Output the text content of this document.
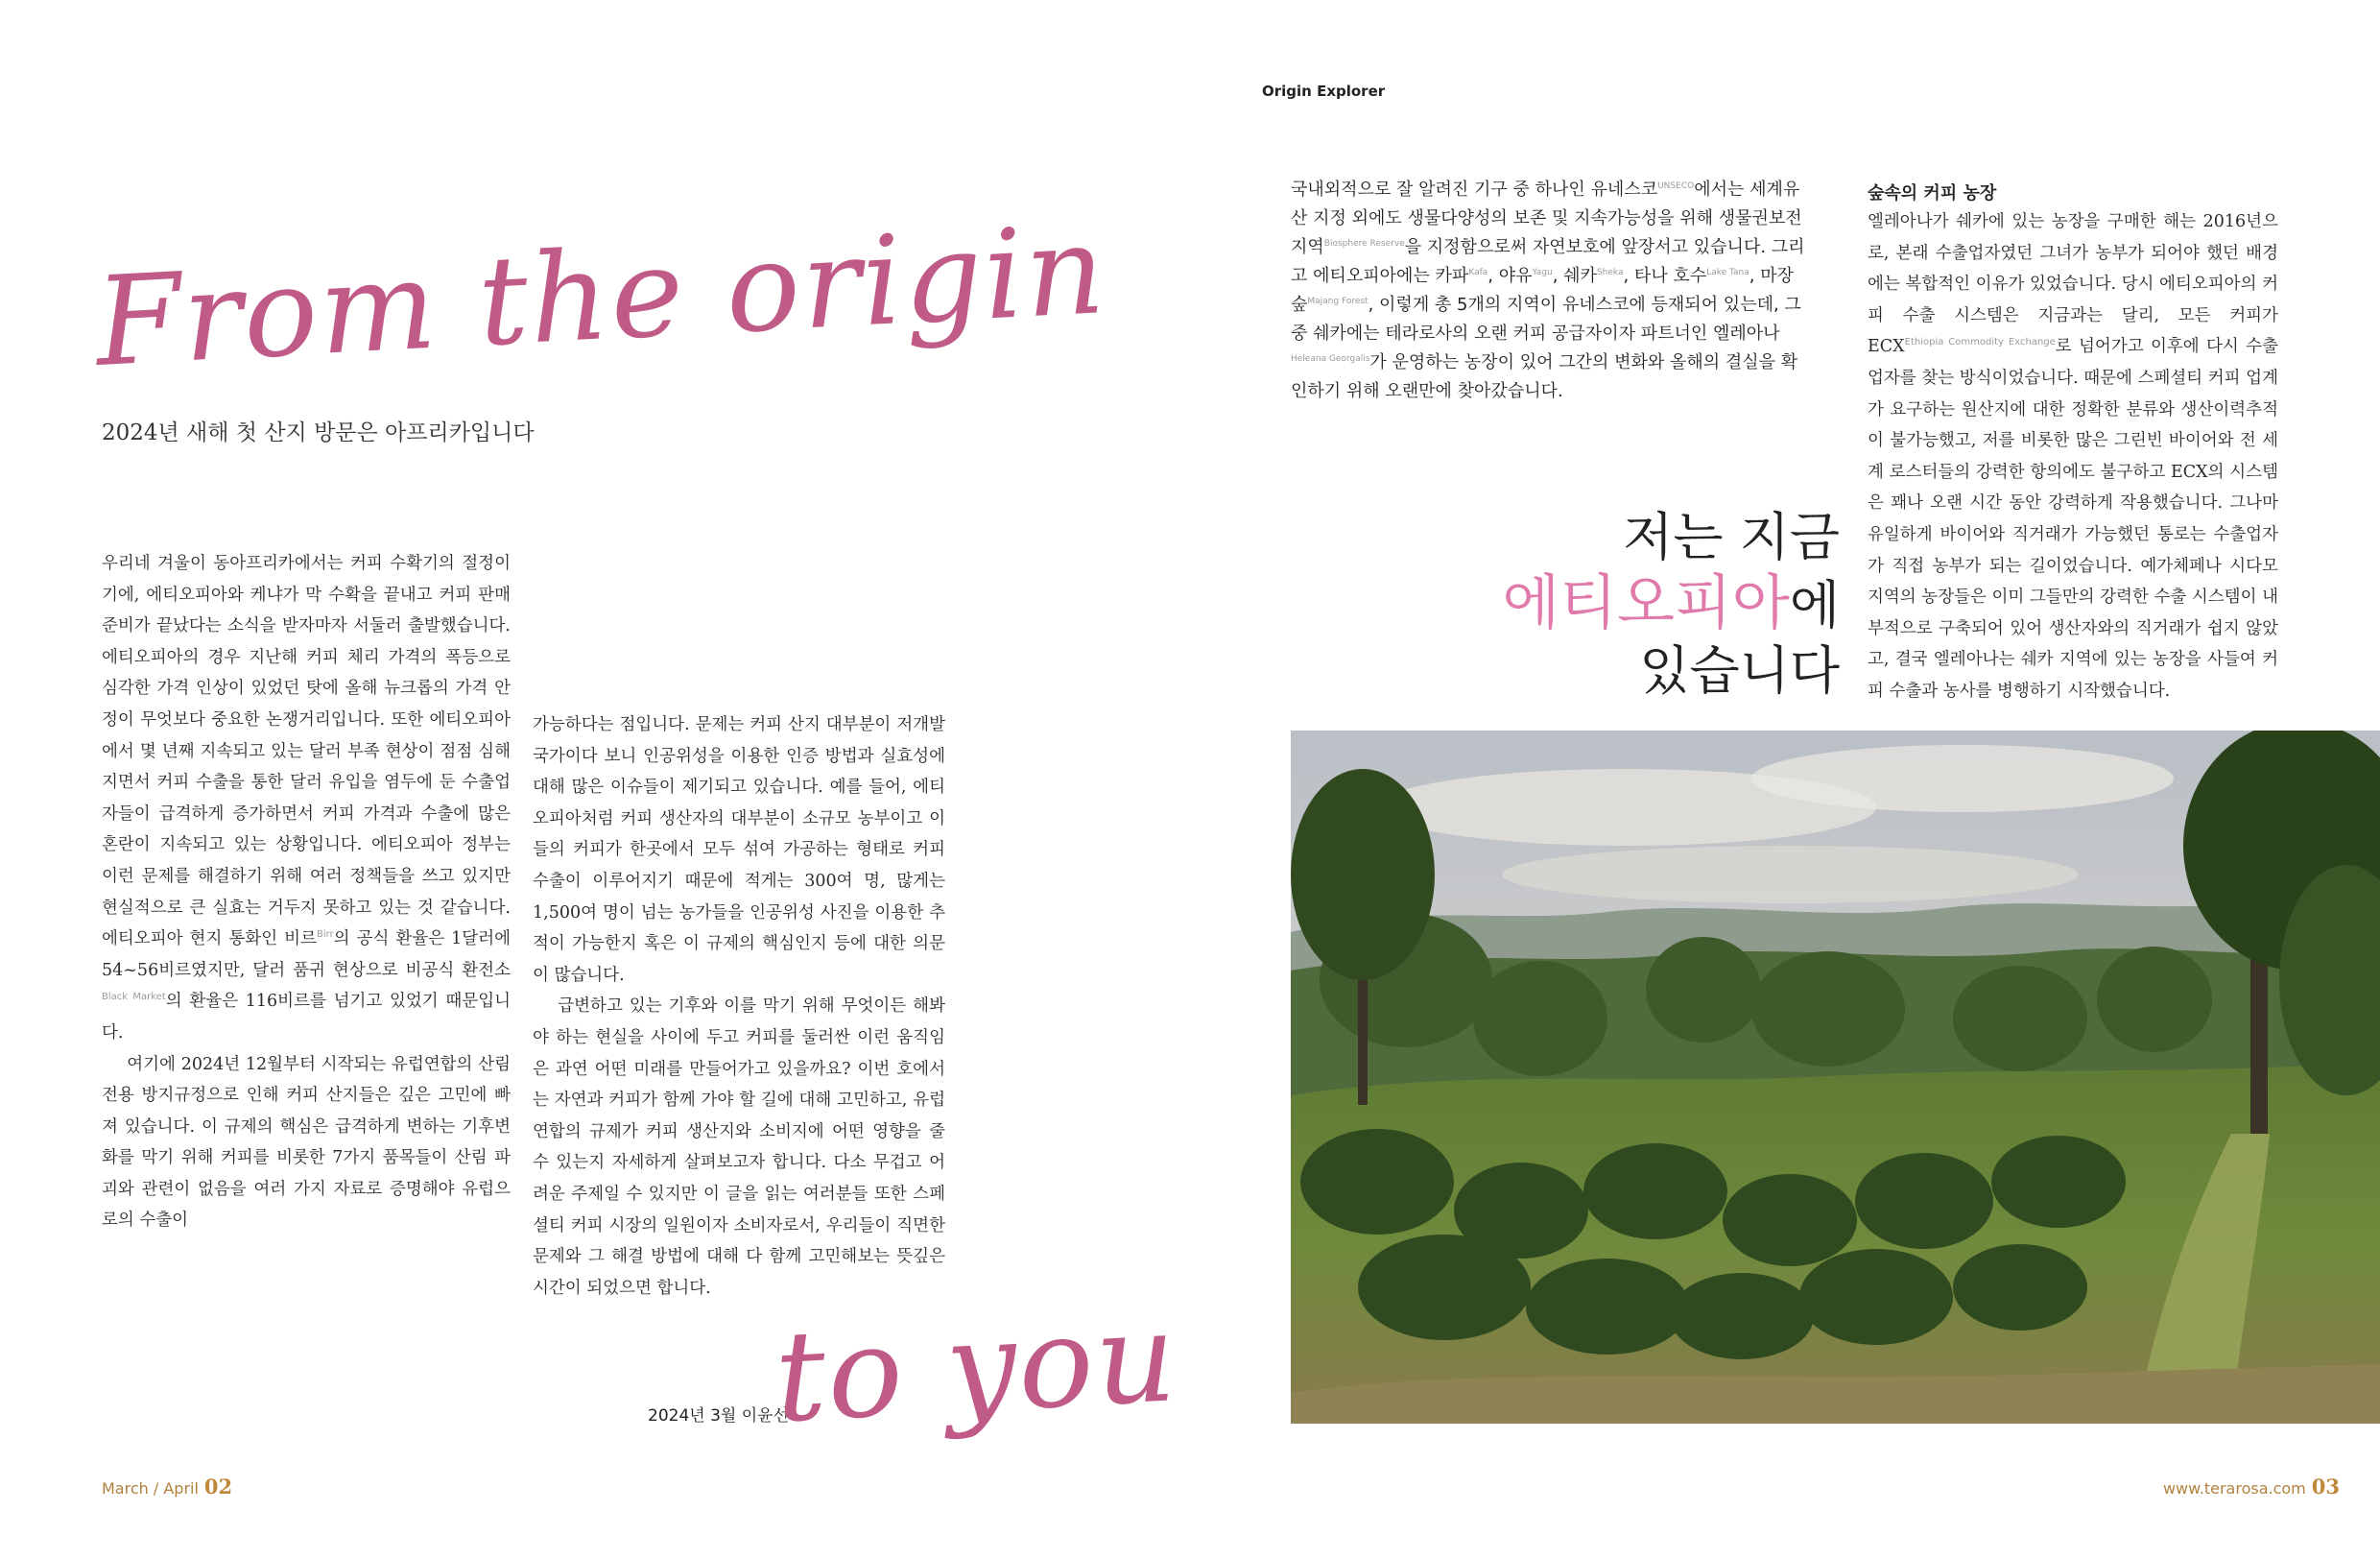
From the origin
2024년 새해 첫 산지 방문은 아프리카입니다

우리네 겨울이 동아프리카에서는 커피 수확기의 절정이기에, 에티오피아와 케냐가 막 수확을 끝내고 커피 판매 준비가 끝났다는 소식을 받자마자 서둘러 출발했습니다. 에티오피아의 경우 지난해 커피 체리 가격의 폭등으로 심각한 가격 인상이 있었던 탓에 올해 뉴크롭의 가격 안정이 무엇보다 중요한 논쟁거리입니다. 또한 에티오피아에서 몇 년째 지속되고 있는 달러 부족 현상이 점점 심해지면서 커피 수출을 통한 달러 유입을 염두에 둔 수출업자들이 급격하게 증가하면서 커피 가격과 수출에 많은 혼란이 지속되고 있는 상황입니다. 에티오피아 정부는 이런 문제를 해결하기 위해 여러 정책들을 쓰고 있지만 현실적으로 큰 실효는 거두지 못하고 있는 것 같습니다. 에티오피아 현지 통화인 비르$^{Birr}$의 공식 환율은 1달러에 54~56비르였지만, 달러 품귀 현상으로 비공식 환전소$^{Black Market}$의 환율은 116비르를 넘기고 있었기 때문입니다.

여기에 2024년 12월부터 시작되는 유럽연합의 산림전용 방지규정으로 인해 커피 산지들은 깊은 고민에 빠져 있습니다. 이 규제의 핵심은 급격하게 변하는 기후변화를 막기 위해 커피를 비롯한 7가지 품목들이 산림 파괴와 관련이 없음을 여러 가지 자료로 증명해야 유럽으로의 수출이

가능하다는 점입니다. 문제는 커피 산지 대부분이 저개발국가이다 보니 인공위성을 이용한 인증 방법과 실효성에 대해 많은 이슈들이 제기되고 있습니다. 예를 들어, 에티오피아처럼 커피 생산자의 대부분이 소규모 농부이고 이들의 커피가 한곳에서 모두 섞여 가공하는 형태로 커피 수출이 이루어지기 때문에 적게는 300여 명, 많게는 1,500여 명이 넘는 농가들을 인공위성 사진을 이용한 추적이 가능한지 혹은 이 규제의 핵심인지 등에 대한 의문이 많습니다.

급변하고 있는 기후와 이를 막기 위해 무엇이든 해봐야 하는 현실을 사이에 두고 커피를 둘러싼 이런 움직임은 과연 어떤 미래를 만들어가고 있을까요? 이번 호에서는 자연과 커피가 함께 가야 할 길에 대해 고민하고, 유럽연합의 규제가 커피 생산지와 소비지에 어떤 영향을 줄 수 있는지 자세하게 살펴보고자 합니다. 다소 무겁고 어려운 주제일 수 있지만 이 글을 읽는 여러분들 또한 스페셜티 커피 시장의 일원이자 소비자로서, 우리들이 직면한 문제와 그 해결 방법에 대해 다 함께 고민해보는 뜻깊은 시간이 되었으면 합니다.

2024년 3월 이윤선
to you
March / April 02
Origin Explorer
국내외적으로 잘 알려진 기구 중 하나인 유네스코$^{UNSECO}$에서는 세계유산 지정 외에도 생물다양성의 보존 및 지속가능성을 위해 생물권보전지역$^{Biosphere Reserve}$을 지정함으로써 자연보호에 앞장서고 있습니다. 그리고 에티오피아에는 카파$^{Kafa}$, 야유$^{Yagu}$, 쉐카$^{Sheka}$, 타나 호수$^{Lake Tana}$, 마장 숲$^{Majang Forest}$, 이렇게 총 5개의 지역이 유네스코에 등재되어 있는데, 그중 쉐카에는 테라로사의 오랜 커피 공급자이자 파트너인 엘레아나$^{Heleana Georgalis}$가 운영하는 농장이 있어 그간의 변화와 올해의 결실을 확인하기 위해 오랜만에 찾아갔습니다.
숲속의 커피 농장

엘레아나가 쉐카에 있는 농장을 구매한 해는 2016년으로, 본래 수출업자였던 그녀가 농부가 되어야 했던 배경에는 복합적인 이유가 있었습니다. 당시 에티오피아의 커피 수출 시스템은 지금과는 달리, 모든 커피가 $ECX^{Ethiopia Commodity Exchange}$로 넘어가고 이후에 다시 수출업자를 찾는 방식이었습니다. 때문에 스페셜티 커피 업계가 요구하는 원산지에 대한 정확한 분류와 생산이력추적이 불가능했고, 저를 비롯한 많은 그린빈 바이어와 전 세계 로스터들의 강력한 항의에도 불구하고 ECX의 시스템은 꽤나 오랜 시간 동안 강력하게 작용했습니다. 그나마 유일하게 바이어와 직거래가 가능했던 통로는 수출업자가 직접 농부가 되는 길이었습니다. 예가체페나 시다모 지역의 농장들은 이미 그들만의 강력한 수출 시스템이 내부적으로 구축되어 있어 생산자와의 직거래가 쉽지 않았고, 결국 엘레아나는 쉐카 지역에 있는 농장을 사들여 커피 수출과 농사를 병행하기 시작했습니다.

저는 지금
에티오피아에
있습니다
www.terarosa.com 03
